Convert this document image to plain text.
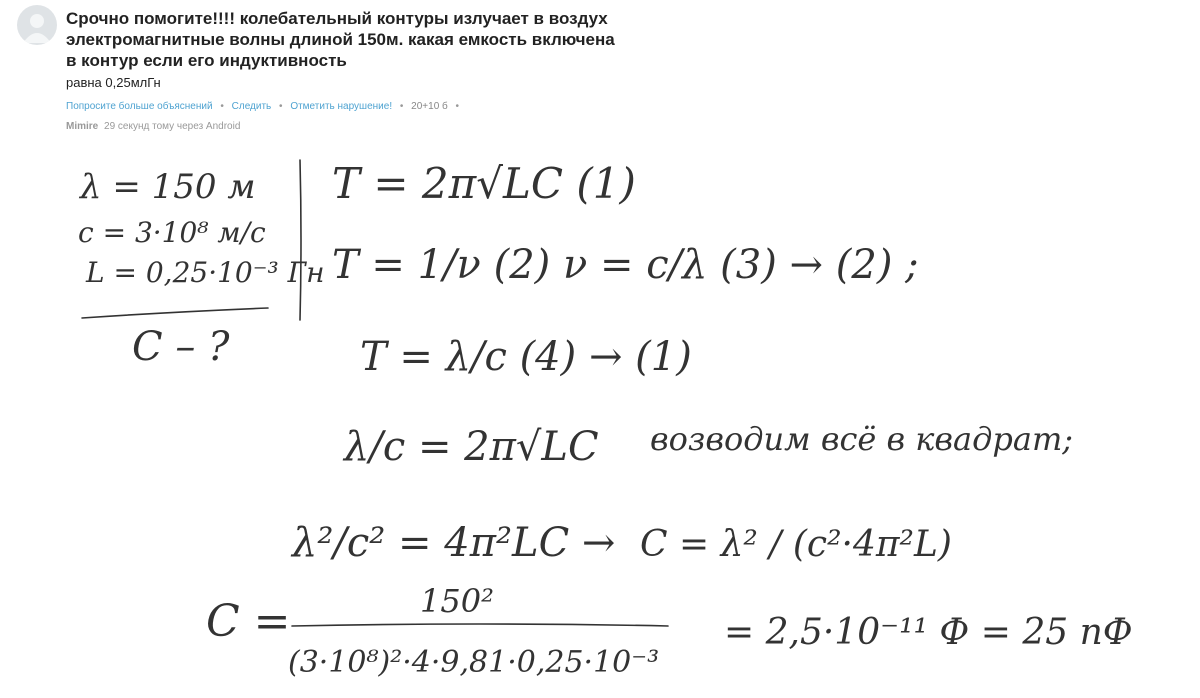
Срочно помогите!!!! колебательный контуры излучает в воздух электромагнитные волны длиной 150м. какая емкость включена в контур если его индуктивность
равна 0,25млГн
Попросите больше объяснений • Следить • Отметить нарушение! • 20+10 б •
Mimire 29 секунд тому через Android
λ = 150 м
c = 3·10⁸ м/с
L = 0,25·10⁻³ Гн
C – ?
T = 2π√LC (1)
T = 1/ν (2) ν = c/λ (3) → (2) ;
T = λ/c (4) → (1)
λ/c = 2π√LC возводим всё в квадрат;
λ²/c² = 4π²LC → C = λ² / (c²·4π²L)
C =	150²
(3·10⁸)²·4·9,81·0,25·10⁻³
= 2,5·10⁻¹¹ Ф = 25 пФ
